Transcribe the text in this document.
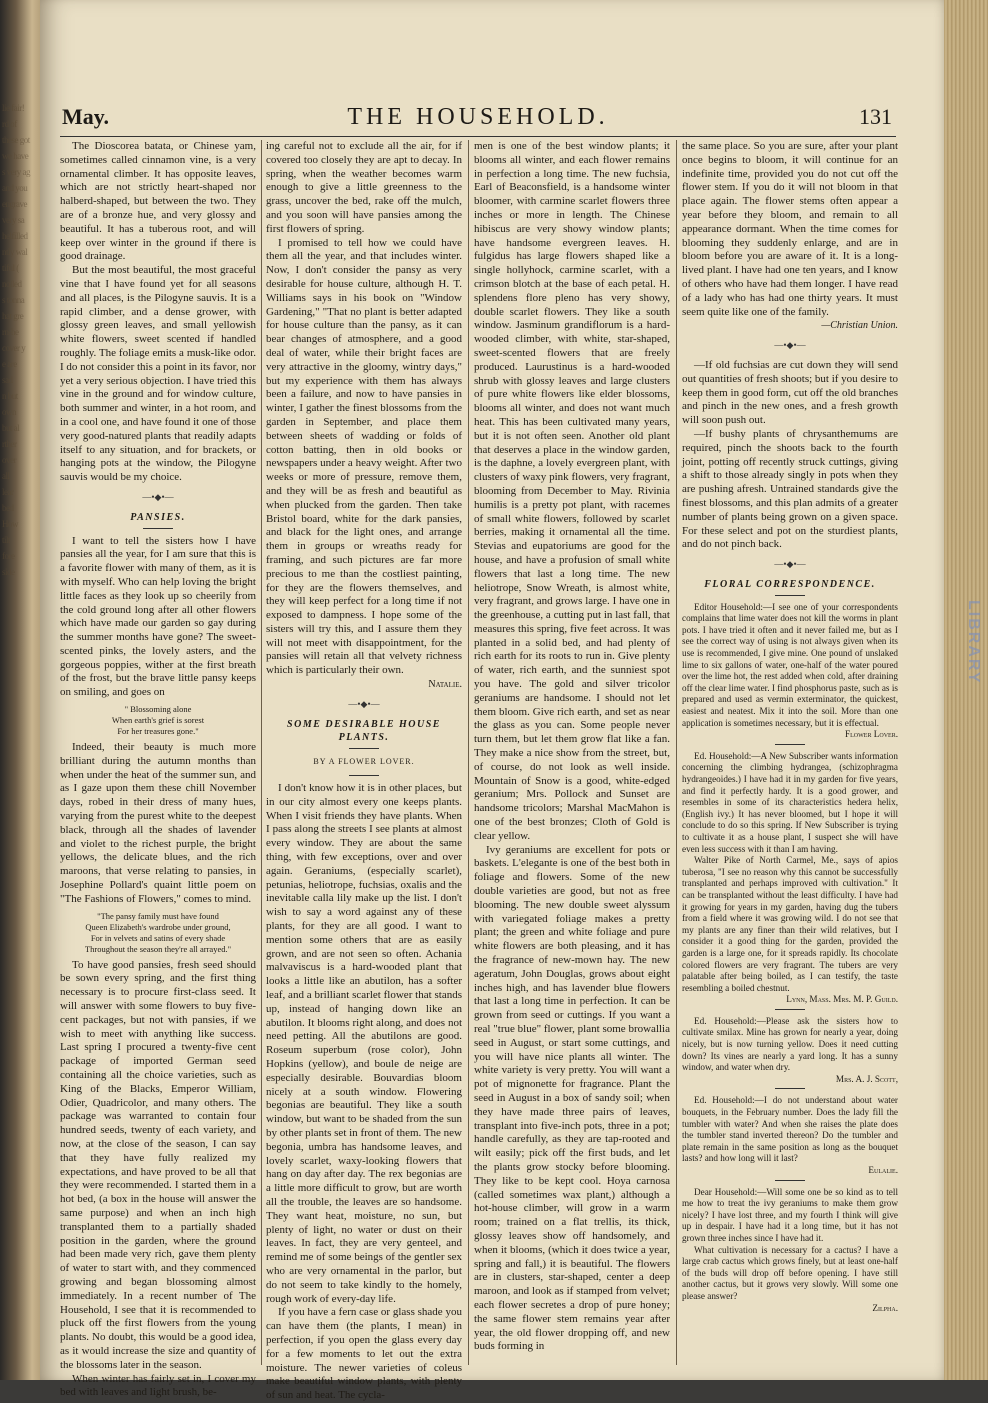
lie fair!
rd of
these got
we have
s very ag
and you
engrave
very sa
helfilled
ntly wal
tiful (
nolled
s tonna
hat gre
rn-he
cover y
e are
sad
n but
own
but al
rther
over
all
lear
bed
How
tilt
fore
side
May.	THE HOUSEHOLD.	131

The Dioscorea batata, or Chinese yam, sometimes called cinnamon vine, is a very ornamental climber. It has opposite leaves, which are not strictly heart-shaped nor halberd-shaped, but between the two. They are of a bronze hue, and very glossy and beautiful. It has a tuberous root, and will keep over winter in the ground if there is good drainage.

But the most beautiful, the most graceful vine that I have found yet for all seasons and all places, is the Pilogyne sauvis. It is a rapid climber, and a dense grower, with glossy green leaves, and small yellowish white flowers, sweet scented if handled roughly. The foliage emits a musk-like odor. I do not consider this a point in its favor, nor yet a very serious objection. I have tried this vine in the ground and for window culture, both summer and winter, in a hot room, and in a cool one, and have found it one of those very good-natured plants that readily adapts itself to any situation, and for brackets, or hanging pots at the window, the Pilogyne sauvis would be my choice.

—•◆•—
PANSIES.

I want to tell the sisters how I have pansies all the year, for I am sure that this is a favorite flower with many of them, as it is with myself. Who can help loving the bright little faces as they look up so cheerily from the cold ground long after all other flowers which have made our garden so gay during the summer months have gone? The sweet-scented pinks, the lovely asters, and the gorgeous poppies, wither at the first breath of the frost, but the brave little pansy keeps on smiling, and goes on

" Blossoming alone
When earth's grief is sorest
For her treasures gone."

Indeed, their beauty is much more brilliant during the autumn months than when under the heat of the summer sun, and as I gaze upon them these chill November days, robed in their dress of many hues, varying from the purest white to the deepest black, through all the shades of lavender and violet to the richest purple, the bright yellows, the delicate blues, and the rich maroons, that verse relating to pansies, in Josephine Pollard's quaint little poem on "The Fashions of Flowers," comes to mind.

"The pansy family must have found
Queen Elizabeth's wardrobe under ground,
For in velvets and satins of every shade
Throughout the season they're all arrayed."

To have good pansies, fresh seed should be sown every spring, and the first thing necessary is to procure first-class seed. It will answer with some flowers to buy five-cent packages, but not with pansies, if we wish to meet with anything like success. Last spring I procured a twenty-five cent package of imported German seed containing all the choice varieties, such as King of the Blacks, Emperor William, Odier, Quadricolor, and many others. The package was warranted to contain four hundred seeds, twenty of each variety, and now, at the close of the season, I can say that they have fully realized my expectations, and have proved to be all that they were recommended. I started them in a hot bed, (a box in the house will answer the same purpose) and when an inch high transplanted them to a partially shaded position in the garden, where the ground had been made very rich, gave them plenty of water to start with, and they commenced growing and began blossoming almost immediately. In a recent number of The Household, I see that it is recommended to pluck off the first flowers from the young plants. No doubt, this would be a good idea, as it would increase the size and quantity of the blossoms later in the season.

When winter has fairly set in, I cover my bed with leaves and light brush, be-

ing careful not to exclude all the air, for if covered too closely they are apt to decay. In spring, when the weather becomes warm enough to give a little greenness to the grass, uncover the bed, rake off the mulch, and you soon will have pansies among the first flowers of spring.

I promised to tell how we could have them all the year, and that includes winter. Now, I don't consider the pansy as very desirable for house culture, although H. T. Williams says in his book on "Window Gardening," "That no plant is better adapted for house culture than the pansy, as it can bear changes of atmosphere, and a good deal of water, while their bright faces are very attractive in the gloomy, wintry days," but my experience with them has always been a failure, and now to have pansies in winter, I gather the finest blossoms from the garden in September, and place them between sheets of wadding or folds of cotton batting, then in old books or newspapers under a heavy weight. After two weeks or more of pressure, remove them, and they will be as fresh and beautiful as when plucked from the garden. Then take Bristol board, white for the dark pansies, and black for the light ones, and arrange them in groups or wreaths ready for framing, and such pictures are far more precious to me than the costliest painting, for they are the flowers themselves, and they will keep perfect for a long time if not exposed to dampness. I hope some of the sisters will try this, and I assure them they will not meet with disappointment, for the pansies will retain all that velvety richness which is particularly their own.

Natalie.

—•◆•—
SOME DESIRABLE HOUSE PLANTS.
BY A FLOWER LOVER.

I don't know how it is in other places, but in our city almost every one keeps plants. When I visit friends they have plants. When I pass along the streets I see plants at almost every window. They are about the same thing, with few exceptions, over and over again. Geraniums, (especially scarlet), petunias, heliotrope, fuchsias, oxalis and the inevitable calla lily make up the list. I don't wish to say a word against any of these plants, for they are all good. I want to mention some others that are as easily grown, and are not seen so often. Achania malvaviscus is a hard-wooded plant that looks a little like an abutilon, has a softer leaf, and a brilliant scarlet flower that stands up, instead of hanging down like an abutilon. It blooms right along, and does not need petting. All the abutilons are good. Roseum superbum (rose color), John Hopkins (yellow), and boule de neige are especially desirable. Bouvardias bloom nicely at a south window. Flowering begonias are beautiful. They like a south window, but want to be shaded from the sun by other plants set in front of them. The new begonia, umbra has handsome leaves, and lovely scarlet, waxy-looking flowers that hang on day after day. The rex begonias are a little more difficult to grow, but are worth all the trouble, the leaves are so handsome. They want heat, moisture, no sun, but plenty of light, no water or dust on their leaves. In fact, they are very genteel, and remind me of some beings of the gentler sex who are very ornamental in the parlor, but do not seem to take kindly to the homely, rough work of every-day life.

If you have a fern case or glass shade you can have them (the plants, I mean) in perfection, if you open the glass every day for a few moments to let out the extra moisture. The newer varieties of coleus make beautiful window plants, with plenty of sun and heat. The cycla-

men is one of the best window plants; it blooms all winter, and each flower remains in perfection a long time. The new fuchsia, Earl of Beaconsfield, is a handsome winter bloomer, with carmine scarlet flowers three inches or more in length. The Chinese hibiscus are very showy window plants; have handsome evergreen leaves. H. fulgidus has large flowers shaped like a single hollyhock, carmine scarlet, with a crimson blotch at the base of each petal. H. splendens flore pleno has very showy, double scarlet flowers. They like a south window. Jasminum grandiflorum is a hard-wooded climber, with white, star-shaped, sweet-scented flowers that are freely produced. Laurustinus is a hard-wooded shrub with glossy leaves and large clusters of pure white flowers like elder blossoms, blooms all winter, and does not want much heat. This has been cultivated many years, but it is not often seen. Another old plant that deserves a place in the window garden, is the daphne, a lovely evergreen plant, with clusters of waxy pink flowers, very fragrant, blooming from December to May. Rivinia humilis is a pretty pot plant, with racemes of small white flowers, followed by scarlet berries, making it ornamental all the time. Stevias and eupatoriums are good for the house, and have a profusion of small white flowers that last a long time. The new heliotrope, Snow Wreath, is almost white, very fragrant, and grows large. I have one in the greenhouse, a cutting put in last fall, that measures this spring, five feet across. It was planted in a solid bed, and had plenty of rich earth for its roots to run in. Give plenty of water, rich earth, and the sunniest spot you have. The gold and silver tricolor geraniums are handsome. I should not let them bloom. Give rich earth, and set as near the glass as you can. Some people never turn them, but let them grow flat like a fan. They make a nice show from the street, but, of course, do not look as well inside. Mountain of Snow is a good, white-edged geranium; Mrs. Pollock and Sunset are handsome tricolors; Marshal MacMahon is one of the best bronzes; Cloth of Gold is clear yellow.

Ivy geraniums are excellent for pots or baskets. L'elegante is one of the best both in foliage and flowers. Some of the new double varieties are good, but not as free blooming. The new double sweet alyssum with variegated foliage makes a pretty plant; the green and white foliage and pure white flowers are both pleasing, and it has the fragrance of new-mown hay. The new ageratum, John Douglas, grows about eight inches high, and has lavender blue flowers that last a long time in perfection. It can be grown from seed or cuttings. If you want a real "true blue" flower, plant some browallia seed in August, or start some cuttings, and you will have nice plants all winter. The white variety is very pretty. You will want a pot of mignonette for fragrance. Plant the seed in August in a box of sandy soil; when they have made three pairs of leaves, transplant into five-inch pots, three in a pot; handle carefully, as they are tap-rooted and wilt easily; pick off the first buds, and let the plants grow stocky before blooming. They like to be kept cool. Hoya carnosa (called sometimes wax plant,) although a hot-house climber, will grow in a warm room; trained on a flat trellis, its thick, glossy leaves show off handsomely, and when it blooms, (which it does twice a year, spring and fall,) it is beautiful. The flowers are in clusters, star-shaped, center a deep maroon, and look as if stamped from velvet; each flower secretes a drop of pure honey; the same flower stem remains year after year, the old flower dropping off, and new buds forming in

the same place. So you are sure, after your plant once begins to bloom, it will continue for an indefinite time, provided you do not cut off the flower stem. If you do it will not bloom in that place again. The flower stems often appear a year before they bloom, and remain to all appearance dormant. When the time comes for blooming they suddenly enlarge, and are in bloom before you are aware of it. It is a long-lived plant. I have had one ten years, and I know of others who have had them longer. I have read of a lady who has had one thirty years. It must seem quite like one of the family.

—Christian Union.

—•◆•—

—If old fuchsias are cut down they will send out quantities of fresh shoots; but if you desire to keep them in good form, cut off the old branches and pinch in the new ones, and a fresh growth will soon push out.

—If bushy plants of chrysanthemums are required, pinch the shoots back to the fourth joint, potting off recently struck cuttings, giving a shift to those already singly in pots when they are pushing afresh. Untrained standards give the finest blossoms, and this plan admits of a greater number of plants being grown on a given space. For these select and pot on the sturdiest plants, and do not pinch back.

—•◆•—
FLORAL CORRESPONDENCE.

Editor Household:—I see one of your correspondents complains that lime water does not kill the worms in plant pots. I have tried it often and it never failed me, but as I see the correct way of using is not always given when its use is recommended, I give mine. One pound of unslaked lime to six gallons of water, one-half of the water poured over the lime hot, the rest added when cold, after draining off the clear lime water. I find phosphorus paste, such as is prepared and used as vermin exterminator, the quickest, easiest and neatest. Mix it into the soil. More than one application is sometimes necessary, but it is effectual.

Flower Lover.

Ed. Household:—A New Subscriber wants information concerning the climbing hydrangea, (schizophragma hydrangeoides.) I have had it in my garden for five years, and find it perfectly hardy. It is a good grower, and resembles in some of its characteristics hedera helix, (English ivy.) It has never bloomed, but I hope it will conclude to do so this spring. If New Subscriber is trying to cultivate it as a house plant, I suspect she will have even less success with it than I am having.

Walter Pike of North Carmel, Me., says of apios tuberosa, "I see no reason why this cannot be successfully transplanted and perhaps improved with cultivation." It can be transplanted without the least difficulty. I have had it growing for years in my garden, having dug the tubers from a field where it was growing wild. I do not see that my plants are any finer than their wild relatives, but I consider it a good thing for the garden, provided the garden is a large one, for it spreads rapidly. Its chocolate colored flowers are very fragrant. The tubers are very palatable after being boiled, as I can testify, the taste resembling a boiled chestnut.

Lynn, Mass. Mrs. M. P. Guild.

Ed. Household:—Please ask the sisters how to cultivate smilax. Mine has grown for nearly a year, doing nicely, but is now turning yellow. Does it need cutting down? Its vines are nearly a yard long. It has a sunny window, and water when dry.

Mrs. A. J. Scott,

Ed. Household:—I do not understand about water bouquets, in the February number. Does the lady fill the tumbler with water? And when she raises the plate does the tumbler stand inverted thereon? Do the tumbler and plate remain in the same position as long as the bouquet lasts? and how long will it last?

Eulalie.

Dear Household:—Will some one be so kind as to tell me how to treat the ivy geraniums to make them grow nicely? I have lost three, and my fourth I think will give up in despair. I have had it a long time, but it has not grown three inches since I have had it.

What cultivation is necessary for a cactus? I have a large crab cactus which grows finely, but at least one-half of the buds will drop off before opening. I have still another cactus, but it grows very slowly. Will some one please answer?

Zilpha.

LIBRARY
